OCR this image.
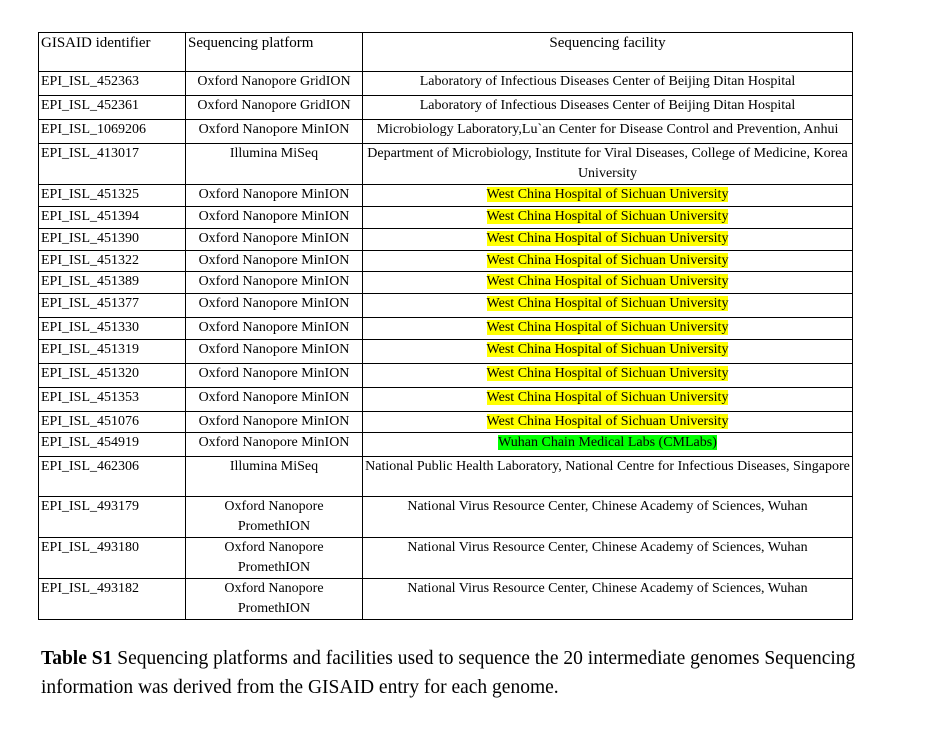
GISAID identifier	Sequencing platform	Sequencing facility
EPI_ISL_452363	Oxford Nanopore GridION	Laboratory of Infectious Diseases Center of Beijing Ditan Hospital
EPI_ISL_452361	Oxford Nanopore GridION	Laboratory of Infectious Diseases Center of Beijing Ditan Hospital
EPI_ISL_1069206	Oxford Nanopore MinION	Microbiology Laboratory,Lu`an Center for Disease Control and Prevention, Anhui
EPI_ISL_413017	Illumina MiSeq	Department of Microbiology, Institute for Viral Diseases, College of Medicine, Korea University
EPI_ISL_451325	Oxford Nanopore MinION	West China Hospital of Sichuan University
EPI_ISL_451394	Oxford Nanopore MinION	West China Hospital of Sichuan University
EPI_ISL_451390	Oxford Nanopore MinION	West China Hospital of Sichuan University
EPI_ISL_451322	Oxford Nanopore MinION	West China Hospital of Sichuan University
EPI_ISL_451389	Oxford Nanopore MinION	West China Hospital of Sichuan University
EPI_ISL_451377	Oxford Nanopore MinION	West China Hospital of Sichuan University
EPI_ISL_451330	Oxford Nanopore MinION	West China Hospital of Sichuan University
EPI_ISL_451319	Oxford Nanopore MinION	West China Hospital of Sichuan University
EPI_ISL_451320	Oxford Nanopore MinION	West China Hospital of Sichuan University
EPI_ISL_451353	Oxford Nanopore MinION	West China Hospital of Sichuan University
EPI_ISL_451076	Oxford Nanopore MinION	West China Hospital of Sichuan University
EPI_ISL_454919	Oxford Nanopore MinION	Wuhan Chain Medical Labs (CMLabs)
EPI_ISL_462306	Illumina MiSeq	National Public Health Laboratory, National Centre for Infectious Diseases, Singapore
EPI_ISL_493179	Oxford Nanopore PromethION	National Virus Resource Center, Chinese Academy of Sciences, Wuhan
EPI_ISL_493180	Oxford Nanopore PromethION	National Virus Resource Center, Chinese Academy of Sciences, Wuhan
EPI_ISL_493182	Oxford Nanopore PromethION	National Virus Resource Center, Chinese Academy of Sciences, Wuhan
Table S1 Sequencing platforms and facilities used to sequence the 20 intermediate genomes Sequencing information was derived from the GISAID entry for each genome.
